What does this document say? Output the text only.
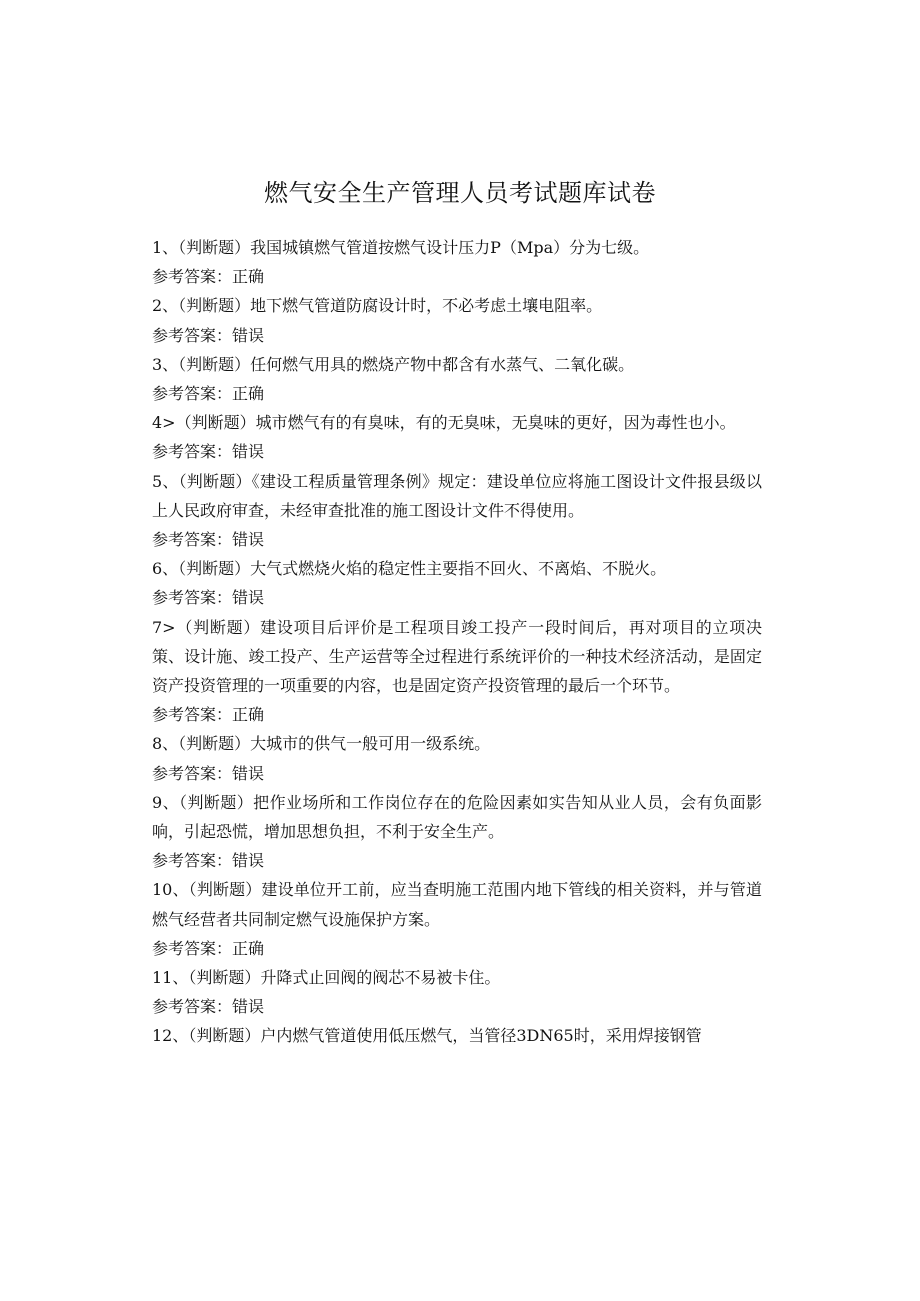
燃气安全生产管理人员考试题库试卷

1、（判断题）我国城镇燃气管道按燃气设计压力P（Mpa）分为七级。

参考答案：正确

2、（判断题）地下燃气管道防腐设计时，不必考虑土壤电阻率。

参考答案：错误

3、（判断题）任何燃气用具的燃烧产物中都含有水蒸气、二氧化碳。

参考答案：正确

4>（判断题）城市燃气有的有臭味，有的无臭味，无臭味的更好，因为毒性也小。

参考答案：错误

5、（判断题）《建设工程质量管理条例》规定：建设单位应将施工图设计文件报县级以上人民政府审查，未经审查批准的施工图设计文件不得使用。

参考答案：错误

6、（判断题）大气式燃烧火焰的稳定性主要指不回火、不离焰、不脱火。

参考答案：错误

7>（判断题）建设项目后评价是工程项目竣工投产一段时间后，再对项目的立项决策、设计施、竣工投产、生产运营等全过程进行系统评价的一种技术经济活动，是固定资产投资管理的一项重要的内容，也是固定资产投资管理的最后一个环节。

参考答案：正确

8、（判断题）大城市的供气一般可用一级系统。

参考答案：错误

9、（判断题）把作业场所和工作岗位存在的危险因素如实告知从业人员，会有负面影响，引起恐慌，增加思想负担，不利于安全生产。

参考答案：错误

10、（判断题）建设单位开工前，应当查明施工范围内地下管线的相关资料，并与管道燃气经营者共同制定燃气设施保护方案。

参考答案：正确

11、（判断题）升降式止回阀的阀芯不易被卡住。

参考答案：错误

12、（判断题）户内燃气管道使用低压燃气，当管径3DN65时，采用焊接钢管
